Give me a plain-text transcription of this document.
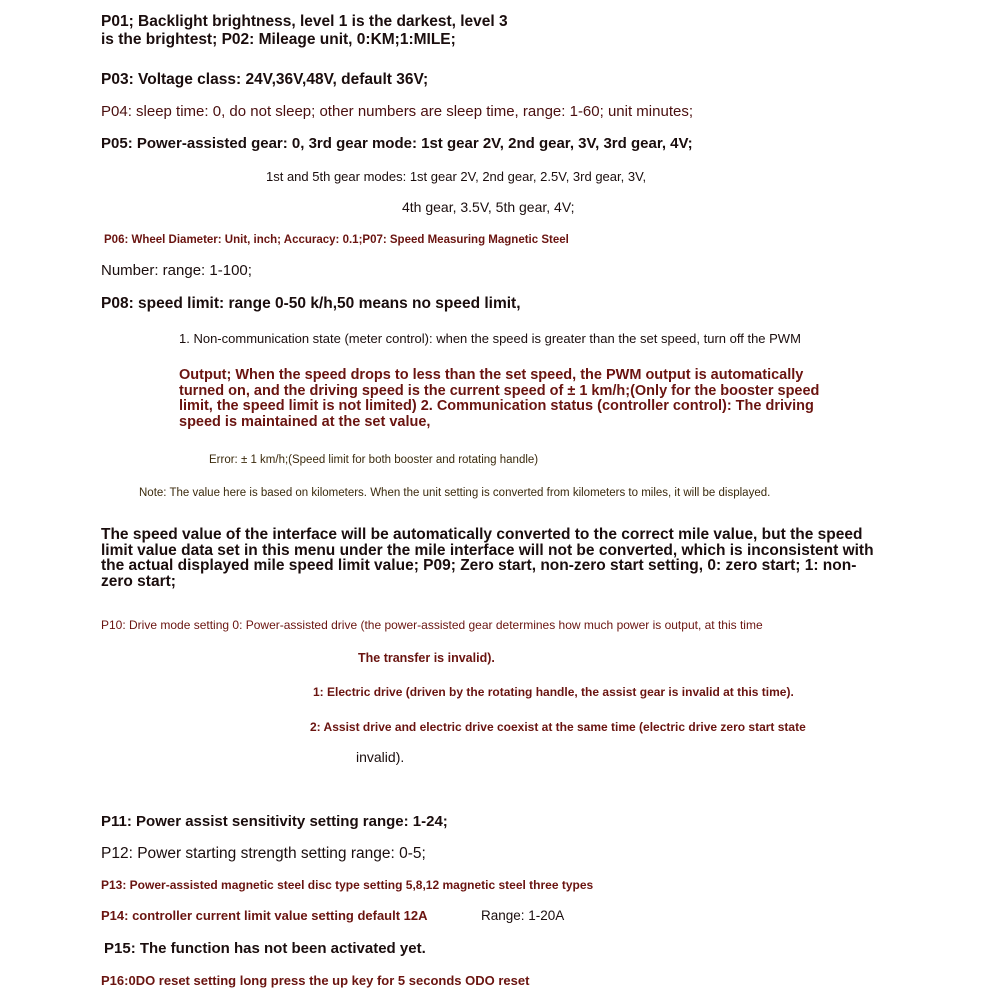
P01; Backlight brightness, level 1 is the darkest, level 3
is the brightest; P02: Mileage unit, 0:KM;1:MILE;

P03: Voltage class: 24V,36V,48V, default 36V;

P04: sleep time: 0, do not sleep; other numbers are sleep time, range: 1-60; unit minutes;

P05: Power-assisted gear: 0, 3rd gear mode: 1st gear 2V, 2nd gear, 3V, 3rd gear, 4V;

1st and 5th gear modes: 1st gear 2V, 2nd gear, 2.5V, 3rd gear, 3V,

4th gear, 3.5V, 5th gear, 4V;

P06: Wheel Diameter: Unit, inch; Accuracy: 0.1;P07: Speed Measuring Magnetic Steel

Number: range: 1-100;

P08: speed limit: range 0-50 k/h,50 means no speed limit,

1. Non-communication state (meter control): when the speed is greater than the set speed, turn off the PWM

Output; When the speed drops to less than the set speed, the PWM output is automatically
turned on, and the driving speed is the current speed of ± 1 km/h;(Only for the booster speed
limit, the speed limit is not limited) 2. Communication status (controller control): The driving
speed is maintained at the set value,

Error: ± 1 km/h;(Speed limit for both booster and rotating handle)

Note: The value here is based on kilometers. When the unit setting is converted from kilometers to miles, it will be displayed.

The speed value of the interface will be automatically converted to the correct mile value, but the speed
limit value data set in this menu under the mile interface will not be converted, which is inconsistent with
the actual displayed mile speed limit value; P09; Zero start, non-zero start setting, 0: zero start; 1: non-
zero start;

P10: Drive mode setting 0: Power-assisted drive (the power-assisted gear determines how much power is output, at this time

The transfer is invalid).

1: Electric drive (driven by the rotating handle, the assist gear is invalid at this time).

2: Assist drive and electric drive coexist at the same time (electric drive zero start state

invalid).

P11: Power assist sensitivity setting range: 1-24;

P12: Power starting strength setting range: 0-5;

P13: Power-assisted magnetic steel disc type setting 5,8,12 magnetic steel three types

P14: controller current limit value setting default 12A	Range: 1-20A

P15: The function has not been activated yet.

P16:0DO reset setting long press the up key for 5 seconds ODO reset
